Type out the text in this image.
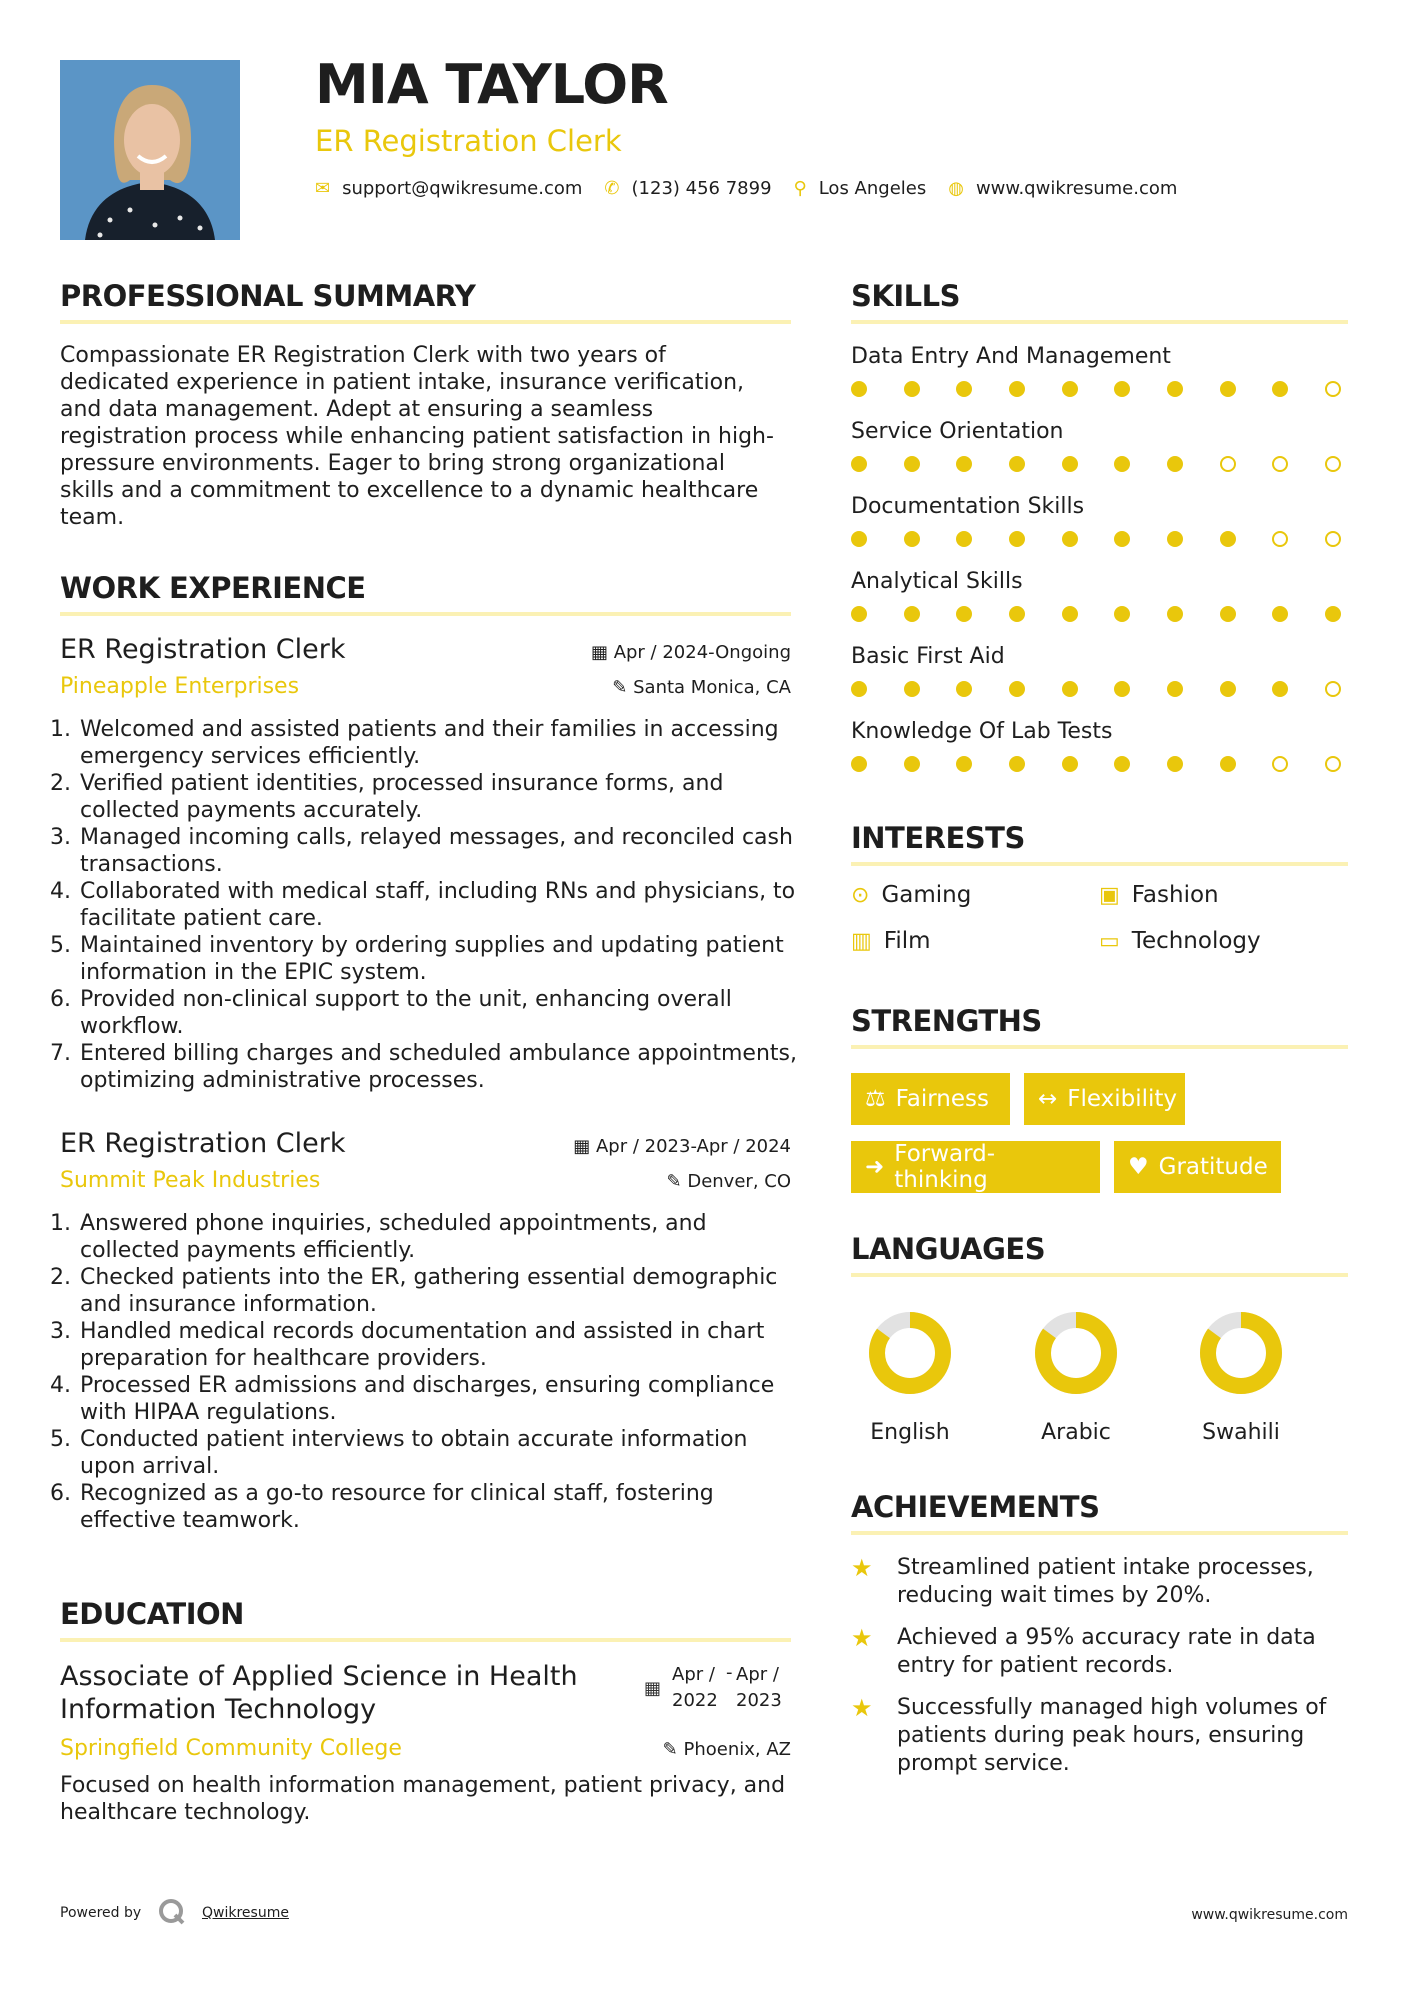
MIA TAYLOR
ER Registration Clerk
✉ support@qwikresume.com ✆ (123) 456 7899 ⚲ Los Angeles ◍ www.qwikresume.com
PROFESSIONAL SUMMARY
Compassionate ER Registration Clerk with two years of dedicated experience in patient intake, insurance verification, and data management. Adept at ensuring a seamless registration process while enhancing patient satisfaction in high-pressure environments. Eager to bring strong organizational skills and a commitment to excellence to a dynamic healthcare team.
WORK EXPERIENCE
ER Registration Clerk	▦ Apr / 2024-Ongoing
Pineapple Enterprises	✎ Santa Monica, CA
1. Welcomed and assisted patients and their families in accessing emergency services efficiently.
2. Verified patient identities, processed insurance forms, and collected payments accurately.
3. Managed incoming calls, relayed messages, and reconciled cash transactions.
4. Collaborated with medical staff, including RNs and physicians, to facilitate patient care.
5. Maintained inventory by ordering supplies and updating patient information in the EPIC system.
6. Provided non-clinical support to the unit, enhancing overall workflow.
7. Entered billing charges and scheduled ambulance appointments, optimizing administrative processes.
ER Registration Clerk	▦ Apr / 2023-Apr / 2024
Summit Peak Industries	✎ Denver, CO
1. Answered phone inquiries, scheduled appointments, and collected payments efficiently.
2. Checked patients into the ER, gathering essential demographic and insurance information.
3. Handled medical records documentation and assisted in chart preparation for healthcare providers.
4. Processed ER admissions and discharges, ensuring compliance with HIPAA regulations.
5. Conducted patient interviews to obtain accurate information upon arrival.
6. Recognized as a go-to resource for clinical staff, fostering effective teamwork.
EDUCATION
Associate of Applied Science in Health
Information Technology
▦
Apr /
2022
- Apr /
2023
Springfield Community College	✎ Phoenix, AZ
Focused on health information management, patient privacy, and healthcare technology.
SKILLS
Data Entry And Management
Service Orientation
Documentation Skills
Analytical Skills
Basic First Aid
Knowledge Of Lab Tests
INTERESTS
⊙ Gaming	▣ Fashion
▥ Film	▭ Technology
STRENGTHS
⚖ Fairness ↔ Flexibility
➜ Forward-thinking	♥ Gratitude
LANGUAGES
English	Arabic	Swahili
ACHIEVEMENTS
★	Streamlined patient intake processes, reducing wait times by 20%.
★	Achieved a 95% accuracy rate in data entry for patient records.
★	Successfully managed high volumes of patients during peak hours, ensuring prompt service.
Powered by	Qwikresume	www.qwikresume.com
